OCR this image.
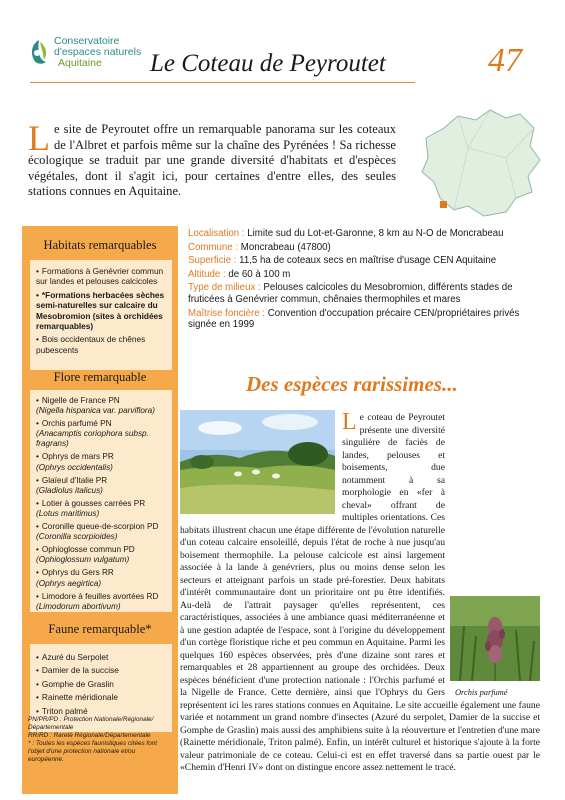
Conservatoire
d'espaces naturels
Aquitaine	Le Coteau de Peyroutet	47
Le site de Peyroutet offre un remarquable panorama sur les coteaux de l'Albret et parfois même sur la chaîne des Pyrénées ! Sa richesse écologique se traduit par une grande diversité d'habitats et d'espèces végétales, dont il s'agit ici, pour certaines d'entre elles, des seules stations connues en Aquitaine.
Habitats remarquables
• Formations à Genévrier commun sur landes et pelouses calcicoles
• *Formations herbacées sèches semi-naturelles sur calcaire du Mesobromion (sites à orchidées remarquables)
• Bois occidentaux de chênes pubescents
Flore remarquable
• Nigelle de France PN
(Nigella hispanica var. parviflora)
• Orchis parfumé PN
(Anacamptis coriophora subsp. fragrans)
• Ophrys de mars PR
(Ophrys occidentalis)
• Glaïeul d'Italie PR
(Gladiolus italicus)
• Lotier à gousses carrées PR
(Lotus maritimus)
• Coronille queue-de-scorpion PD
(Coronilla scorpioides)
• Ophioglosse commun PD
(Ophioglossum vulgatum)
• Ophrys du Gers RR
(Ophrys aegirtica)
• Limodore à feuilles avortées RD
(Limodorum abortivum)
Faune remarquable*
• Azuré du Serpolet
• Damier de la succise
• Gomphe de Graslin
• Rainette méridionale
• Triton palmé
PN/PR/PD : Protection Nationale/Régionale/ Départementale
RR/RD : Rareté Régionale/Départementale
* : Toutes les espèces faunistiques citées font l'objet d'une protection nationale et/ou européenne.
Localisation : Limite sud du Lot-et-Garonne, 8 km au N-O de Moncrabeau
Commune : Moncrabeau (47800)
Superficie : 11,5 ha de coteaux secs en maîtrise d'usage CEN Aquitaine
Altitude : de 60 à 100 m
Type de milieux : Pelouses calcicoles du Mesobromion, différents stades de fruticées à Genévrier commun, chênaies thermophiles et mares
Maîtrise foncière : Convention d'occupation précaire CEN/propriétaires privés signée en 1999
Des espèces rarissimes...
Orchis parfumé
Le coteau de Peyroutet présente une diversité singulière de faciès de landes, pelouses et boisements, due notamment à sa morphologie en «fer à cheval» offrant de multiples orientations. Ces habitats illustrent chacun une étape différente de l'évolution naturelle d'un coteau calcaire ensoleillé, depuis l'état de roche à nue jusqu'au boisement thermophile. La pelouse calcicole est ainsi largement associée à la lande à genévriers, plus ou moins dense selon les secteurs et atteignant parfois un stade pré-forestier. Deux habitats d'intérêt communautaire dont un prioritaire ont pu être identifiés. Au-delà de l'attrait paysager qu'elles représentent, ces caractéristiques, associées à une ambiance quasi méditerranéenne et à une gestion adaptée de l'espace, sont à l'origine du développement d'un cortège floristique riche et peu commun en Aquitaine. Parmi les quelques 160 espèces observées, près d'une dizaine sont rares et remarquables et 28 appartiennent au groupe des orchidées. Deux espèces bénéficient d'une protection nationale : l'Orchis parfumé et la Nigelle de France. Cette dernière, ainsi que l'Ophrys du Gers représentent ici les rares stations connues en Aquitaine. Le site accueille également une faune variée et notamment un grand nombre d'insectes (Azuré du serpolet, Damier de la succise et Gomphe de Graslin) mais aussi des amphibiens suite à la réouverture et l'entretien d'une mare (Rainette méridionale, Triton palmé). Enfin, un intérêt culturel et historique s'ajoute à la forte valeur patrimoniale de ce coteau. Celui-ci est en effet traversé dans sa partie ouest par le «Chemin d'Henri IV» dont on distingue encore assez nettement le tracé.
